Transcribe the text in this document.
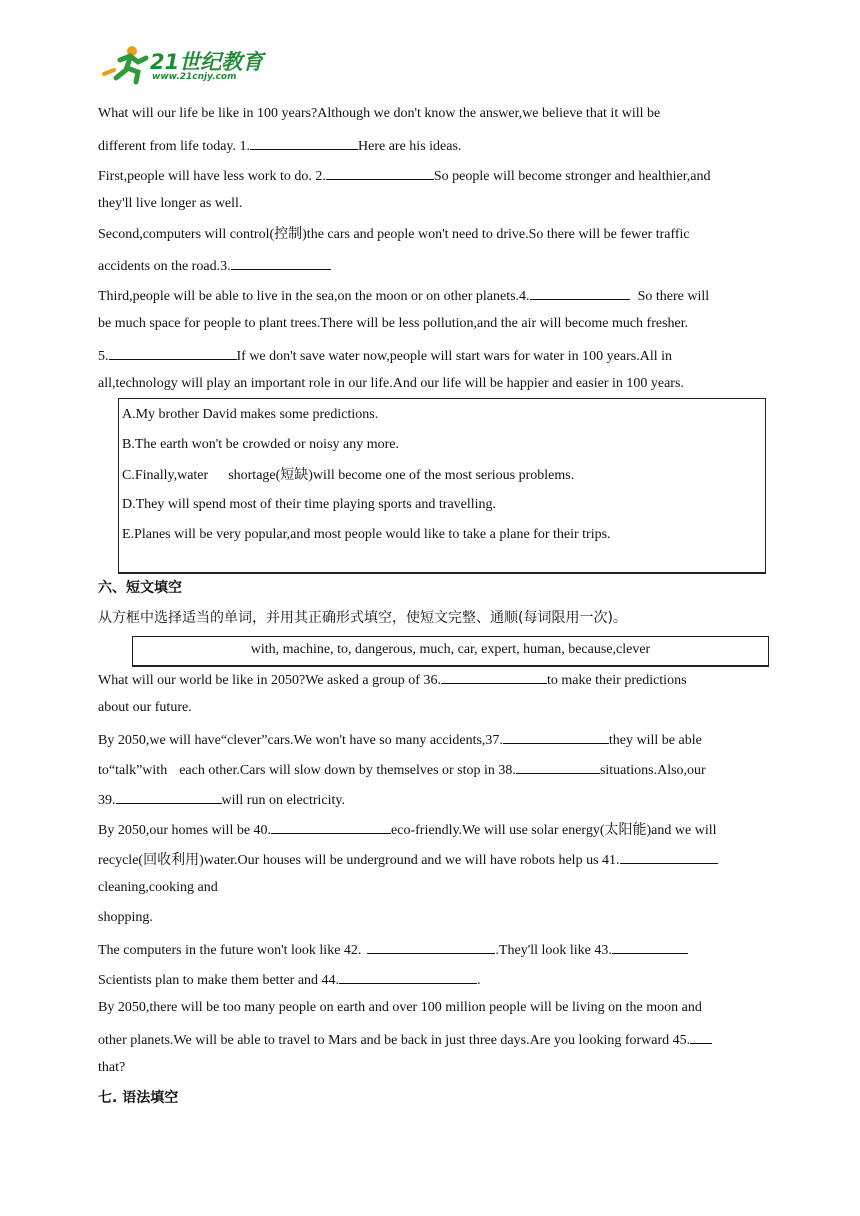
21世纪教育
www.21cnjy.com
What will our life be like in 100 years?Although we don't know the answer,we believe that it will be
different from life today. 1.	Here are his ideas.
First,people will have less work to do. 2.	So people will become stronger and healthier,and
they'll live longer as well.
Second,computers will control(控制)the cars and people won't need to drive.So there will be fewer traffic
accidents on the road.3.
Third,people will be able to live in the sea,on the moon or on other planets.4.	So there will
be much space for people to plant trees.There will be less pollution,and the air will become much fresher.
5.	If we don't save water now,people will start wars for water in 100 years.All in
all,technology will play an important role in our life.And our life will be happier and easier in 100 years.
A.My brother David makes some predictions.
B.The earth won't be crowded or noisy any more.
C.Finally,water shortage(短缺)will become one of the most serious problems.
D.They will spend most of their time playing sports and travelling.
E.Planes will be very popular,and most people would like to take a plane for their trips.
六、短文填空
从方框中选择适当的单词，并用其正确形式填空，使短文完整、通顺(每词限用一次)。
with, machine, to, dangerous, much, car, expert, human, because,clever
What will our world be like in 2050?We asked a group of 36.	to make their predictions
about our future.
By 2050,we will have“clever”cars.We won't have so many accidents,37.	they will be able
to“talk”with each other.Cars will slow down by themselves or stop in 38.	situations.Also,our
39.	will run on electricity.
By 2050,our homes will be 40.	eco-friendly.We will use solar energy(太阳能)and we will
recycle(回收利用)water.Our houses will be underground and we will have robots help us 41.
cleaning,cooking and
shopping.
The computers in the future won't look like 42.	.They'll look like 43.
Scientists plan to make them better and 44.	.
By 2050,there will be too many people on earth and over 100 million people will be living on the moon and
other planets.We will be able to travel to Mars and be back in just three days.Are you looking forward 45.
that?
七. 语法填空
